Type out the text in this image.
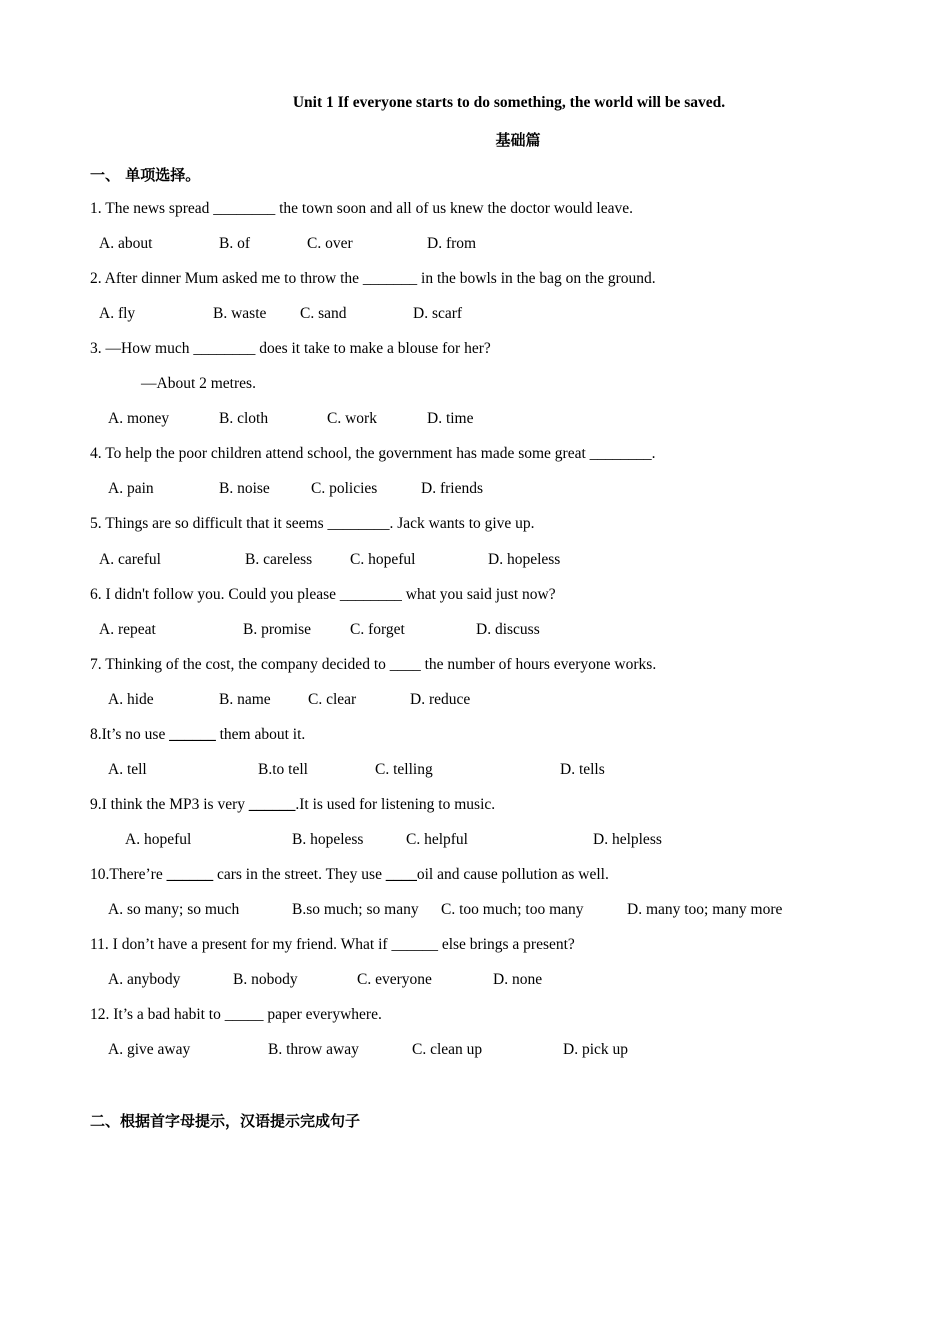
Unit 1 If everyone starts to do something, the world will be saved.
基础篇
一、 单项选择。
1. The news spread ________ the town soon and all of us knew the doctor would leave.
A. about	B. of	C. over	D. from
2. After dinner Mum asked me to throw the _______ in the bowls in the bag on the ground.
A. fly	B. waste C. sand	D. scarf
3. —How much ________ does it take to make a blouse for her?
—About 2 metres.
A. money	B. cloth	C. work	D. time
4. To help the poor children attend school, the government has made some great ________.
A. pain	B. noise	C. policies	D. friends
5. Things are so difficult that it seems ________. Jack wants to give up.
A. careful	B. careless C. hopeful	D. hopeless
6. I didn't follow you. Could you please ________ what you said just now?
A. repeat	B. promise	C. forget	D. discuss
7. Thinking of the cost, the company decided to ____ the number of hours everyone works.
A. hide	B. name C. clear	D. reduce
8.It’s no use ______ them about it.
A. tell	B.to tell	C. telling	D. tells
9.I think the MP3 is very ______.It is used for listening to music.
A. hopeful	B. hopeless	C. helpful	D. helpless
10.There’re ______ cars in the street. They use ____oil and cause pollution as well.
A. so many; so much	B.so much; so many C. too much; too many	D. many too; many more
11. I don’t have a present for my friend. What if ______ else brings a present?
A. anybody	B. nobody	C. everyone	D. none
12. It’s a bad habit to _____ paper everywhere.
A. give away	B. throw away	C. clean up	D. pick up
二、根据首字母提示，汉语提示完成句子
